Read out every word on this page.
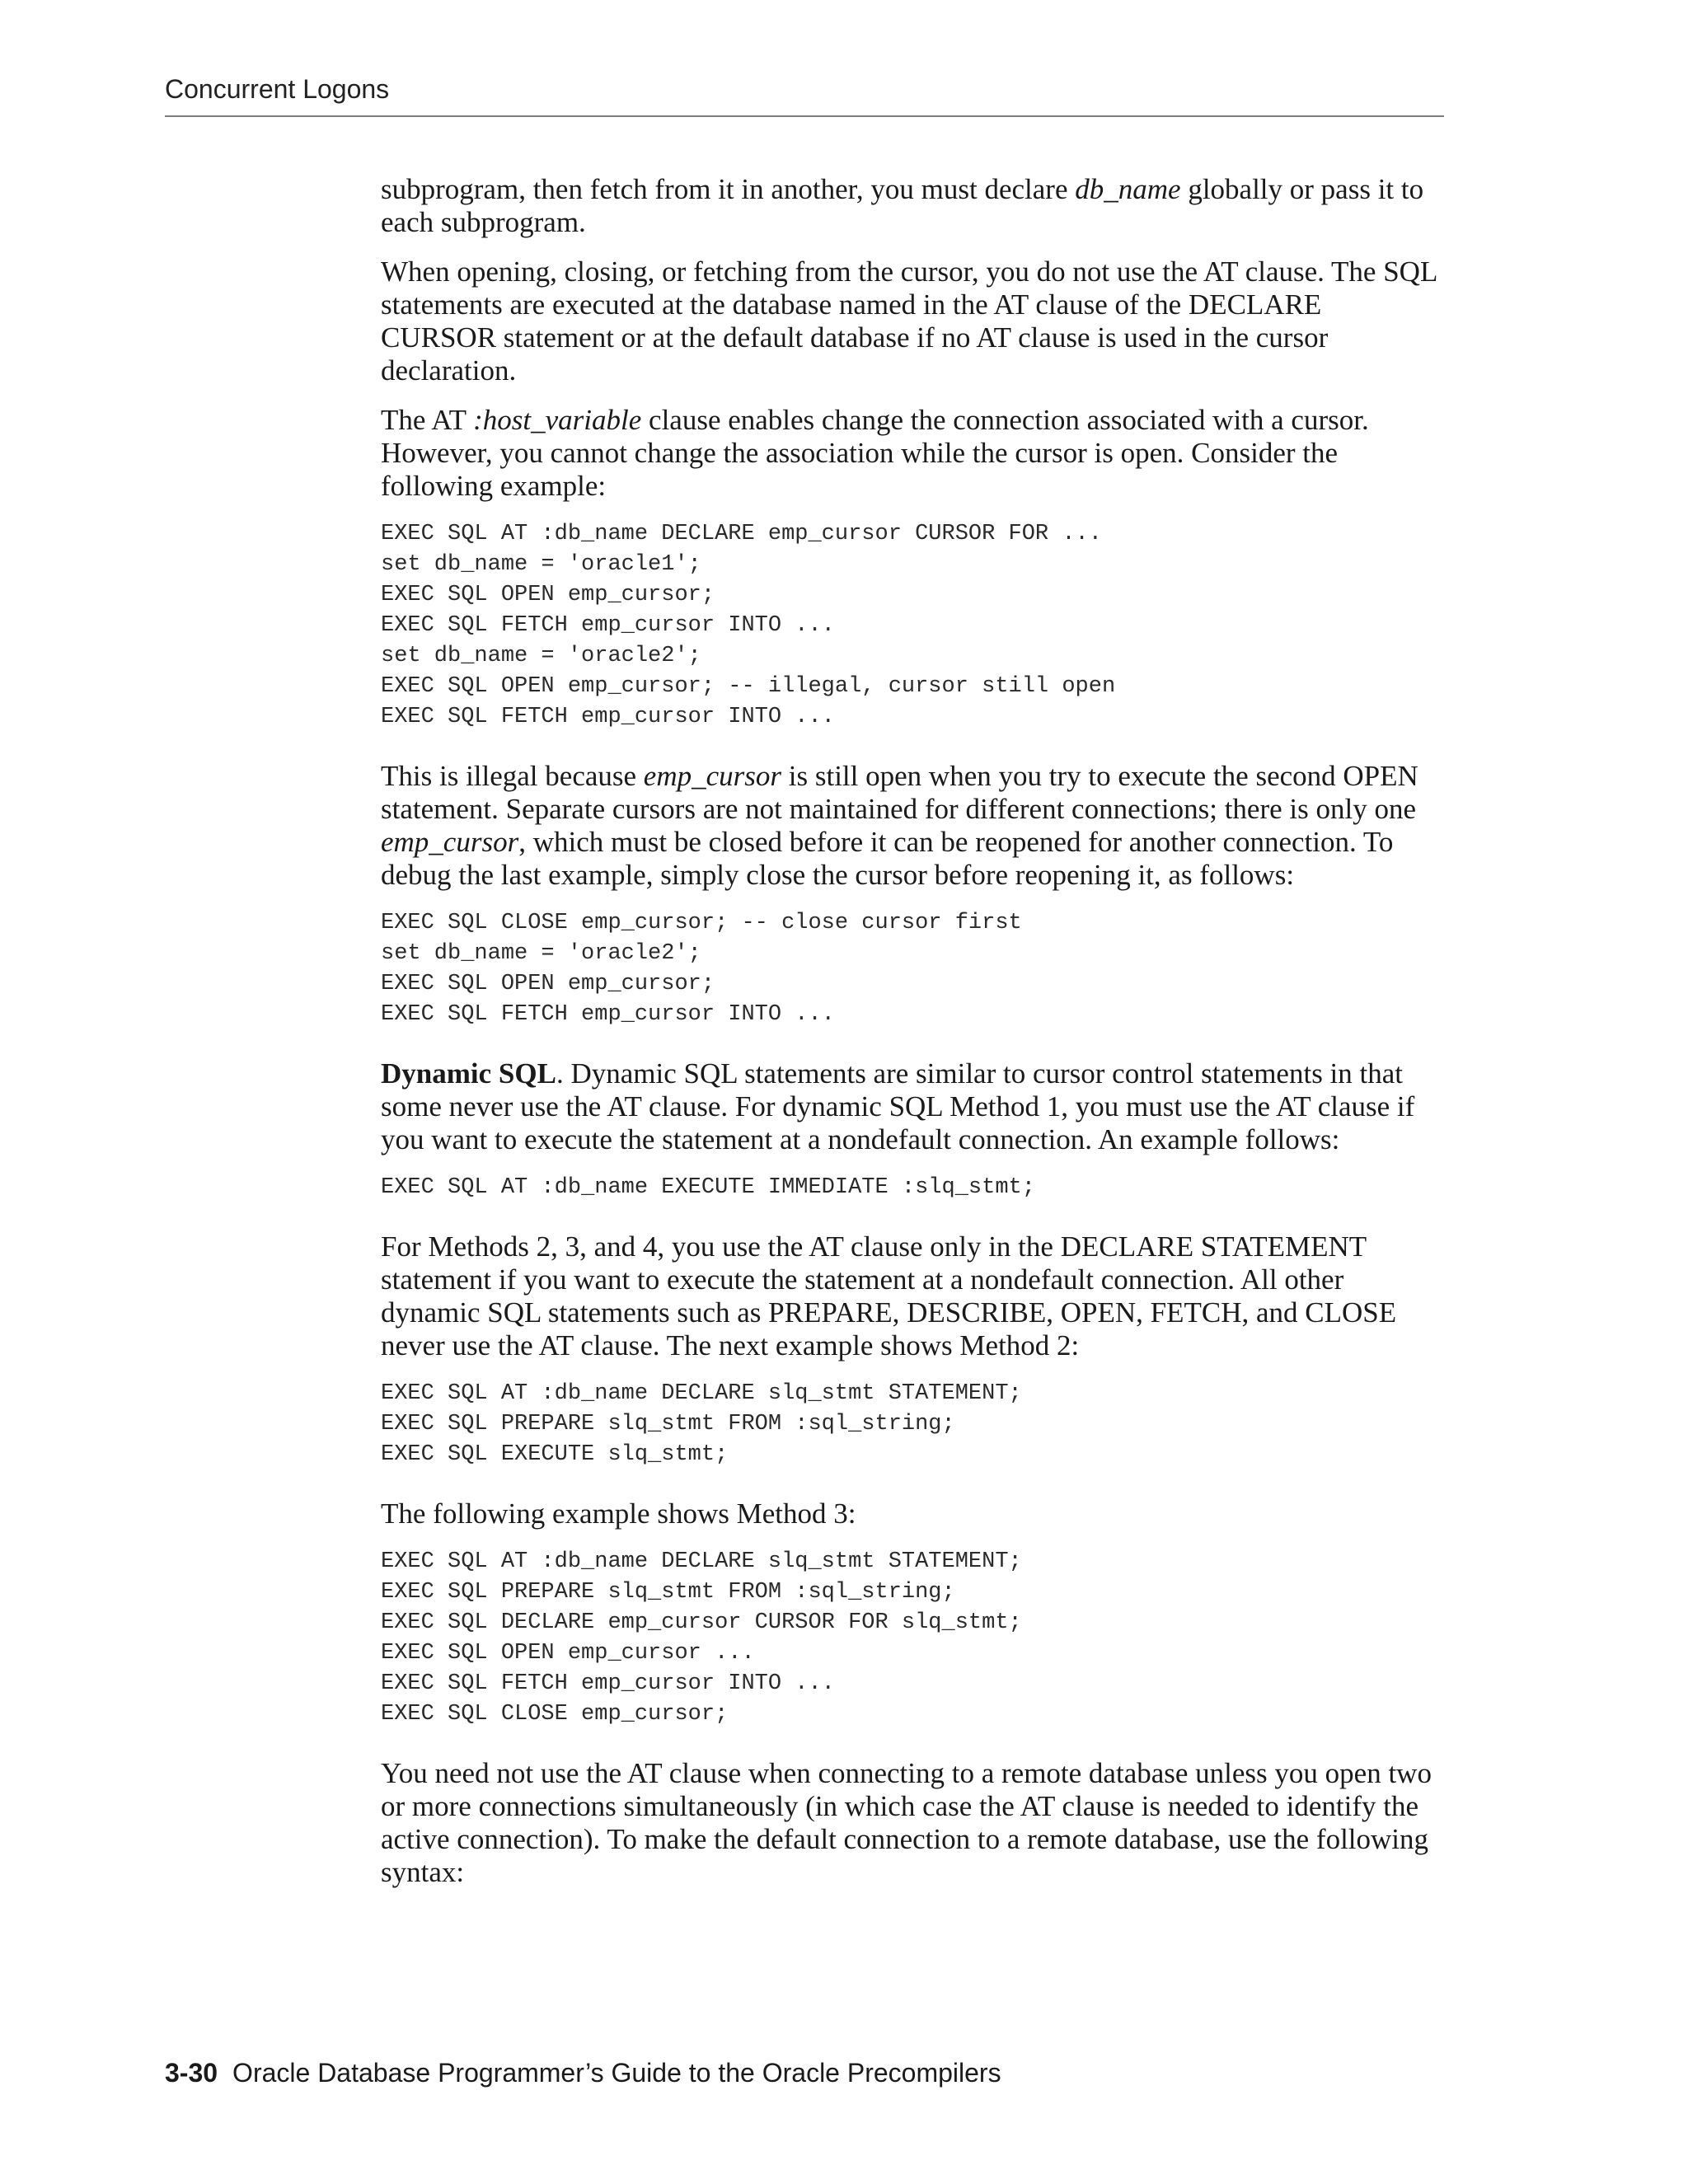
Concurrent Logons

subprogram, then fetch from it in another, you must declare db_name globally or pass it to each subprogram.

When opening, closing, or fetching from the cursor, you do not use the AT clause. The SQL statements are executed at the database named in the AT clause of the DECLARE CURSOR statement or at the default database if no AT clause is used in the cursor declaration.

The AT :host_variable clause enables change the connection associated with a cursor. However, you cannot change the association while the cursor is open. Consider the following example:

EXEC SQL AT :db_name DECLARE emp_cursor CURSOR FOR ...
set db_name = 'oracle1';
EXEC SQL OPEN emp_cursor;
EXEC SQL FETCH emp_cursor INTO ...
set db_name = 'oracle2';
EXEC SQL OPEN emp_cursor; -- illegal, cursor still open
EXEC SQL FETCH emp_cursor INTO ...

This is illegal because emp_cursor is still open when you try to execute the second OPEN statement. Separate cursors are not maintained for different connections; there is only one emp_cursor, which must be closed before it can be reopened for another connection. To debug the last example, simply close the cursor before reopening it, as follows:

EXEC SQL CLOSE emp_cursor; -- close cursor first
set db_name = 'oracle2';
EXEC SQL OPEN emp_cursor;
EXEC SQL FETCH emp_cursor INTO ...

Dynamic SQL. Dynamic SQL statements are similar to cursor control statements in that some never use the AT clause. For dynamic SQL Method 1, you must use the AT clause if you want to execute the statement at a nondefault connection. An example follows:

EXEC SQL AT :db_name EXECUTE IMMEDIATE :slq_stmt;

For Methods 2, 3, and 4, you use the AT clause only in the DECLARE STATEMENT statement if you want to execute the statement at a nondefault connection. All other dynamic SQL statements such as PREPARE, DESCRIBE, OPEN, FETCH, and CLOSE never use the AT clause. The next example shows Method 2:

EXEC SQL AT :db_name DECLARE slq_stmt STATEMENT;
EXEC SQL PREPARE slq_stmt FROM :sql_string;
EXEC SQL EXECUTE slq_stmt;

The following example shows Method 3:

EXEC SQL AT :db_name DECLARE slq_stmt STATEMENT;
EXEC SQL PREPARE slq_stmt FROM :sql_string;
EXEC SQL DECLARE emp_cursor CURSOR FOR slq_stmt;
EXEC SQL OPEN emp_cursor ...
EXEC SQL FETCH emp_cursor INTO ...
EXEC SQL CLOSE emp_cursor;

You need not use the AT clause when connecting to a remote database unless you open two or more connections simultaneously (in which case the AT clause is needed to identify the active connection). To make the default connection to a remote database, use the following syntax:

3-30 Oracle Database Programmer’s Guide to the Oracle Precompilers
